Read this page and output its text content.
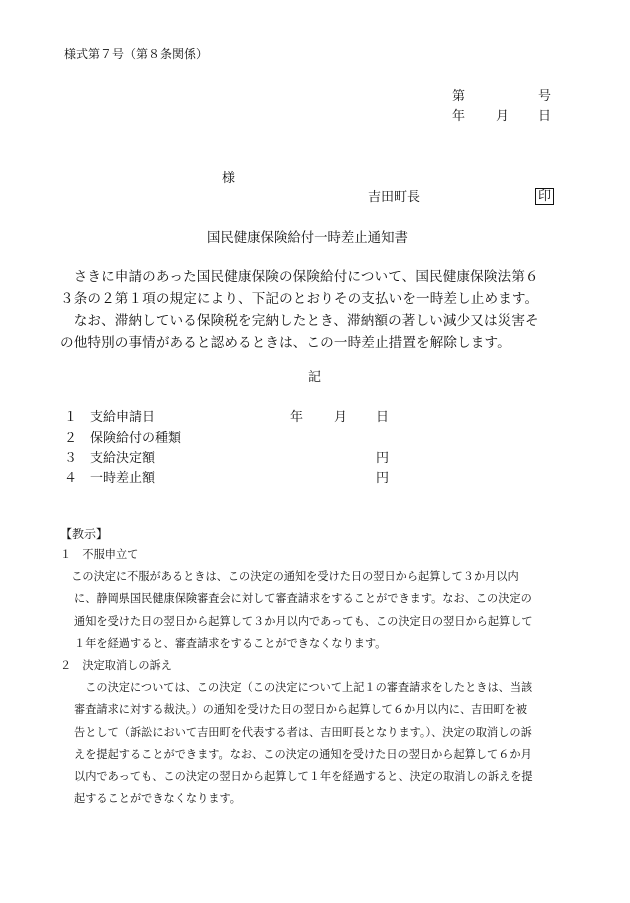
様式第７号（第８条関係）
第	号
年 月 日
様
吉田町長	印
国民健康保険給付一時差止通知書

　さきに申請のあった国民健康保険の保険給付について、国民健康保険法第６

３条の２第１項の規定により、下記のとおりその支払いを一時差し止めます。

　なお、滞納している保険税を完納したとき、滞納額の著しい減少又は災害そ

の他特別の事情があると認めるときは、この一時差止措置を解除します。

記
１ 支給申請日	年 月 日
２ 保険給付の種類
３ 支給決定額	円
４ 一時差止額	円
【教示】

１　不服申立て

　この決定に不服があるときは、この決定の通知を受けた日の翌日から起算して３か月以内

に、静岡県国民健康保険審査会に対して審査請求をすることができます。なお、この決定の

通知を受けた日の翌日から起算して３か月以内であっても、この決定日の翌日から起算して

１年を経過すると、審査請求をすることができなくなります。

２　決定取消しの訴え

　この決定については、この決定（この決定について上記１の審査請求をしたときは、当該

審査請求に対する裁決。）の通知を受けた日の翌日から起算して６か月以内に、吉田町を被

告として（訴訟において吉田町を代表する者は、吉田町長となります。）、決定の取消しの訴

えを提起することができます。なお、この決定の通知を受けた日の翌日から起算して６か月

以内であっても、この決定の翌日から起算して１年を経過すると、決定の取消しの訴えを提

起することができなくなります。
